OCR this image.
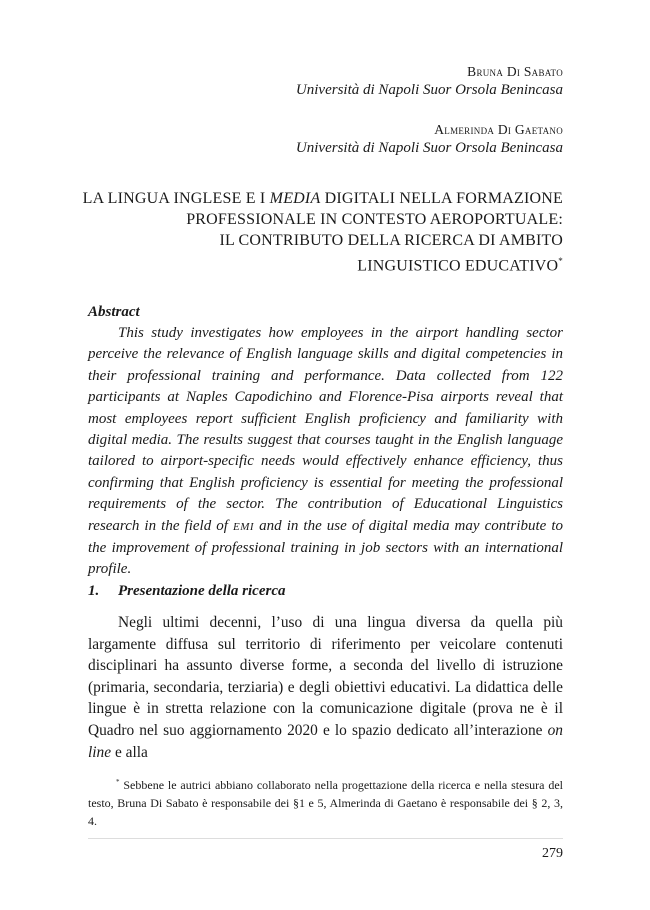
Bruna Di Sabato
Università di Napoli Suor Orsola Benincasa
Almerinda Di Gaetano
Università di Napoli Suor Orsola Benincasa
LA LINGUA INGLESE E I MEDIA DIGITALI NELLA FORMAZIONE
PROFESSIONALE IN CONTESTO AEROPORTUALE:
IL CONTRIBUTO DELLA RICERCA DI AMBITO
LINGUISTICO EDUCATIVO*
Abstract

This study investigates how employees in the airport handling sector perceive the relevance of English language skills and digital competencies in their professional training and performance. Data collected from 122 participants at Naples Capodichino and Florence-Pisa airports reveal that most employees report sufficient English proficiency and familiarity with digital media. The results suggest that courses taught in the English language tailored to airport-specific needs would effectively enhance efficiency, thus confirming that English proficiency is essential for meeting the professional requirements of the sector. The contribution of Educational Linguistics research in the field of EMI and in the use of digital media may contribute to the improvement of professional training in job sectors with an international profile.

1. Presentazione della ricerca

Negli ultimi decenni, l’uso di una lingua diversa da quella più largamente diffusa sul territorio di riferimento per veicolare contenuti disciplinari ha assunto diverse forme, a seconda del livello di istruzione (primaria, secondaria, terziaria) e degli obiettivi educativi. La didattica delle lingue è in stretta relazione con la comunicazione digitale (prova ne è il Quadro nel suo aggiornamento 2020 e lo spazio dedicato all’interazione on line e alla

* Sebbene le autrici abbiano collaborato nella progettazione della ricerca e nella stesura del testo, Bruna Di Sabato è responsabile dei §1 e 5, Almerinda di Gaetano è responsabile dei § 2, 3, 4.

279
